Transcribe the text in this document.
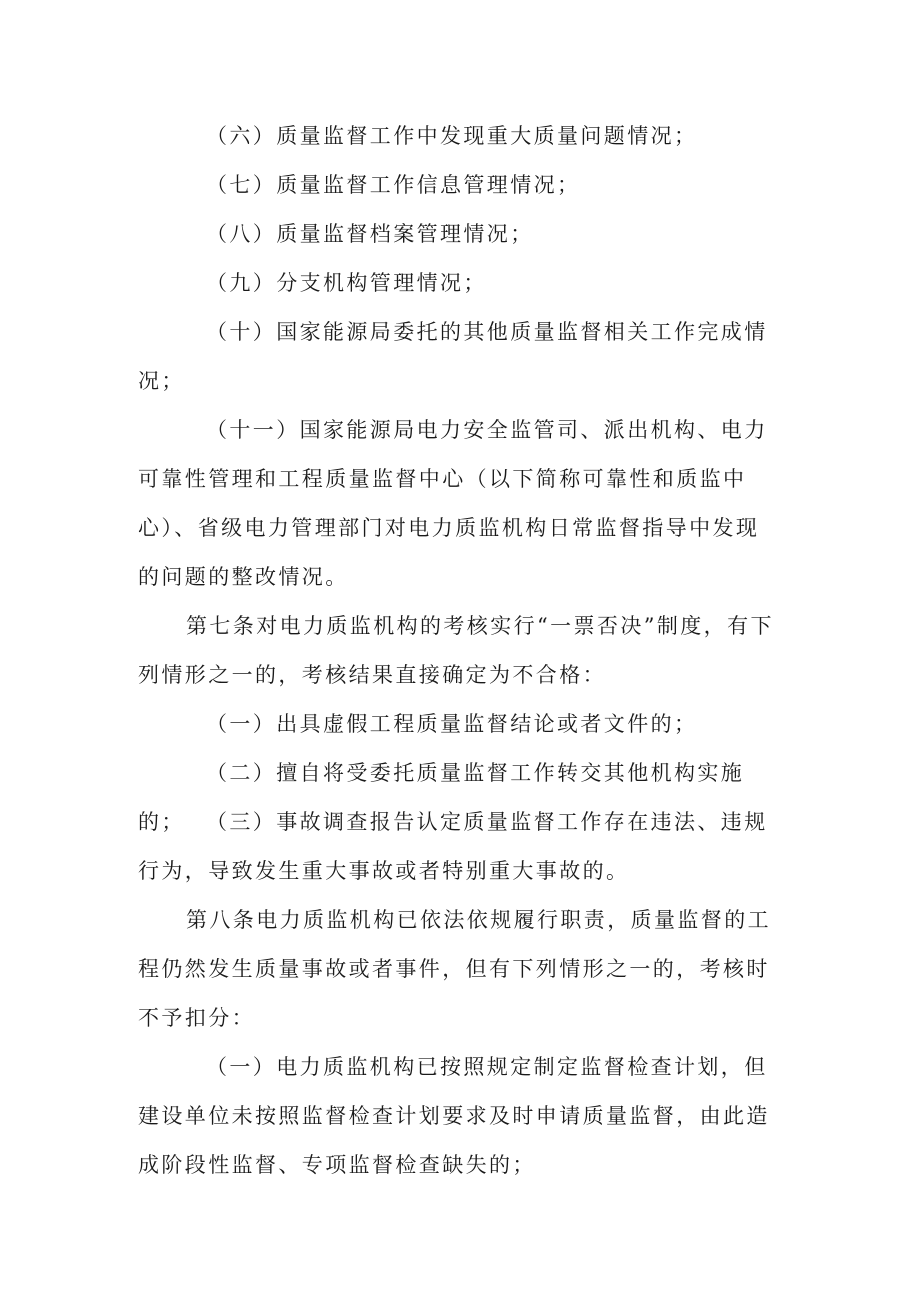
（六）质量监督工作中发现重大质量问题情况；

（七）质量监督工作信息管理情况；

（八）质量监督档案管理情况；

（九）分支机构管理情况；

（十）国家能源局委托的其他质量监督相关工作完成情况；

（十一）国家能源局电力安全监管司、派出机构、电力可靠性管理和工程质量监督中心（以下简称可靠性和质监中心）、省级电力管理部门对电力质监机构日常监督指导中发现的问题的整改情况。

第七条对电力质监机构的考核实行“一票否决”制度，有下列情形之一的，考核结果直接确定为不合格：

（一）出具虚假工程质量监督结论或者文件的；

（二）擅自将受委托质量监督工作转交其他机构实施的；	（三）事故调查报告认定质量监督工作存在违法、违规行为，导致发生重大事故或者特别重大事故的。

第八条电力质监机构已依法依规履行职责，质量监督的工程仍然发生质量事故或者事件，但有下列情形之一的，考核时不予扣分：

（一）电力质监机构已按照规定制定监督检查计划，但建设单位未按照监督检查计划要求及时申请质量监督，由此造成阶段性监督、专项监督检查缺失的；
